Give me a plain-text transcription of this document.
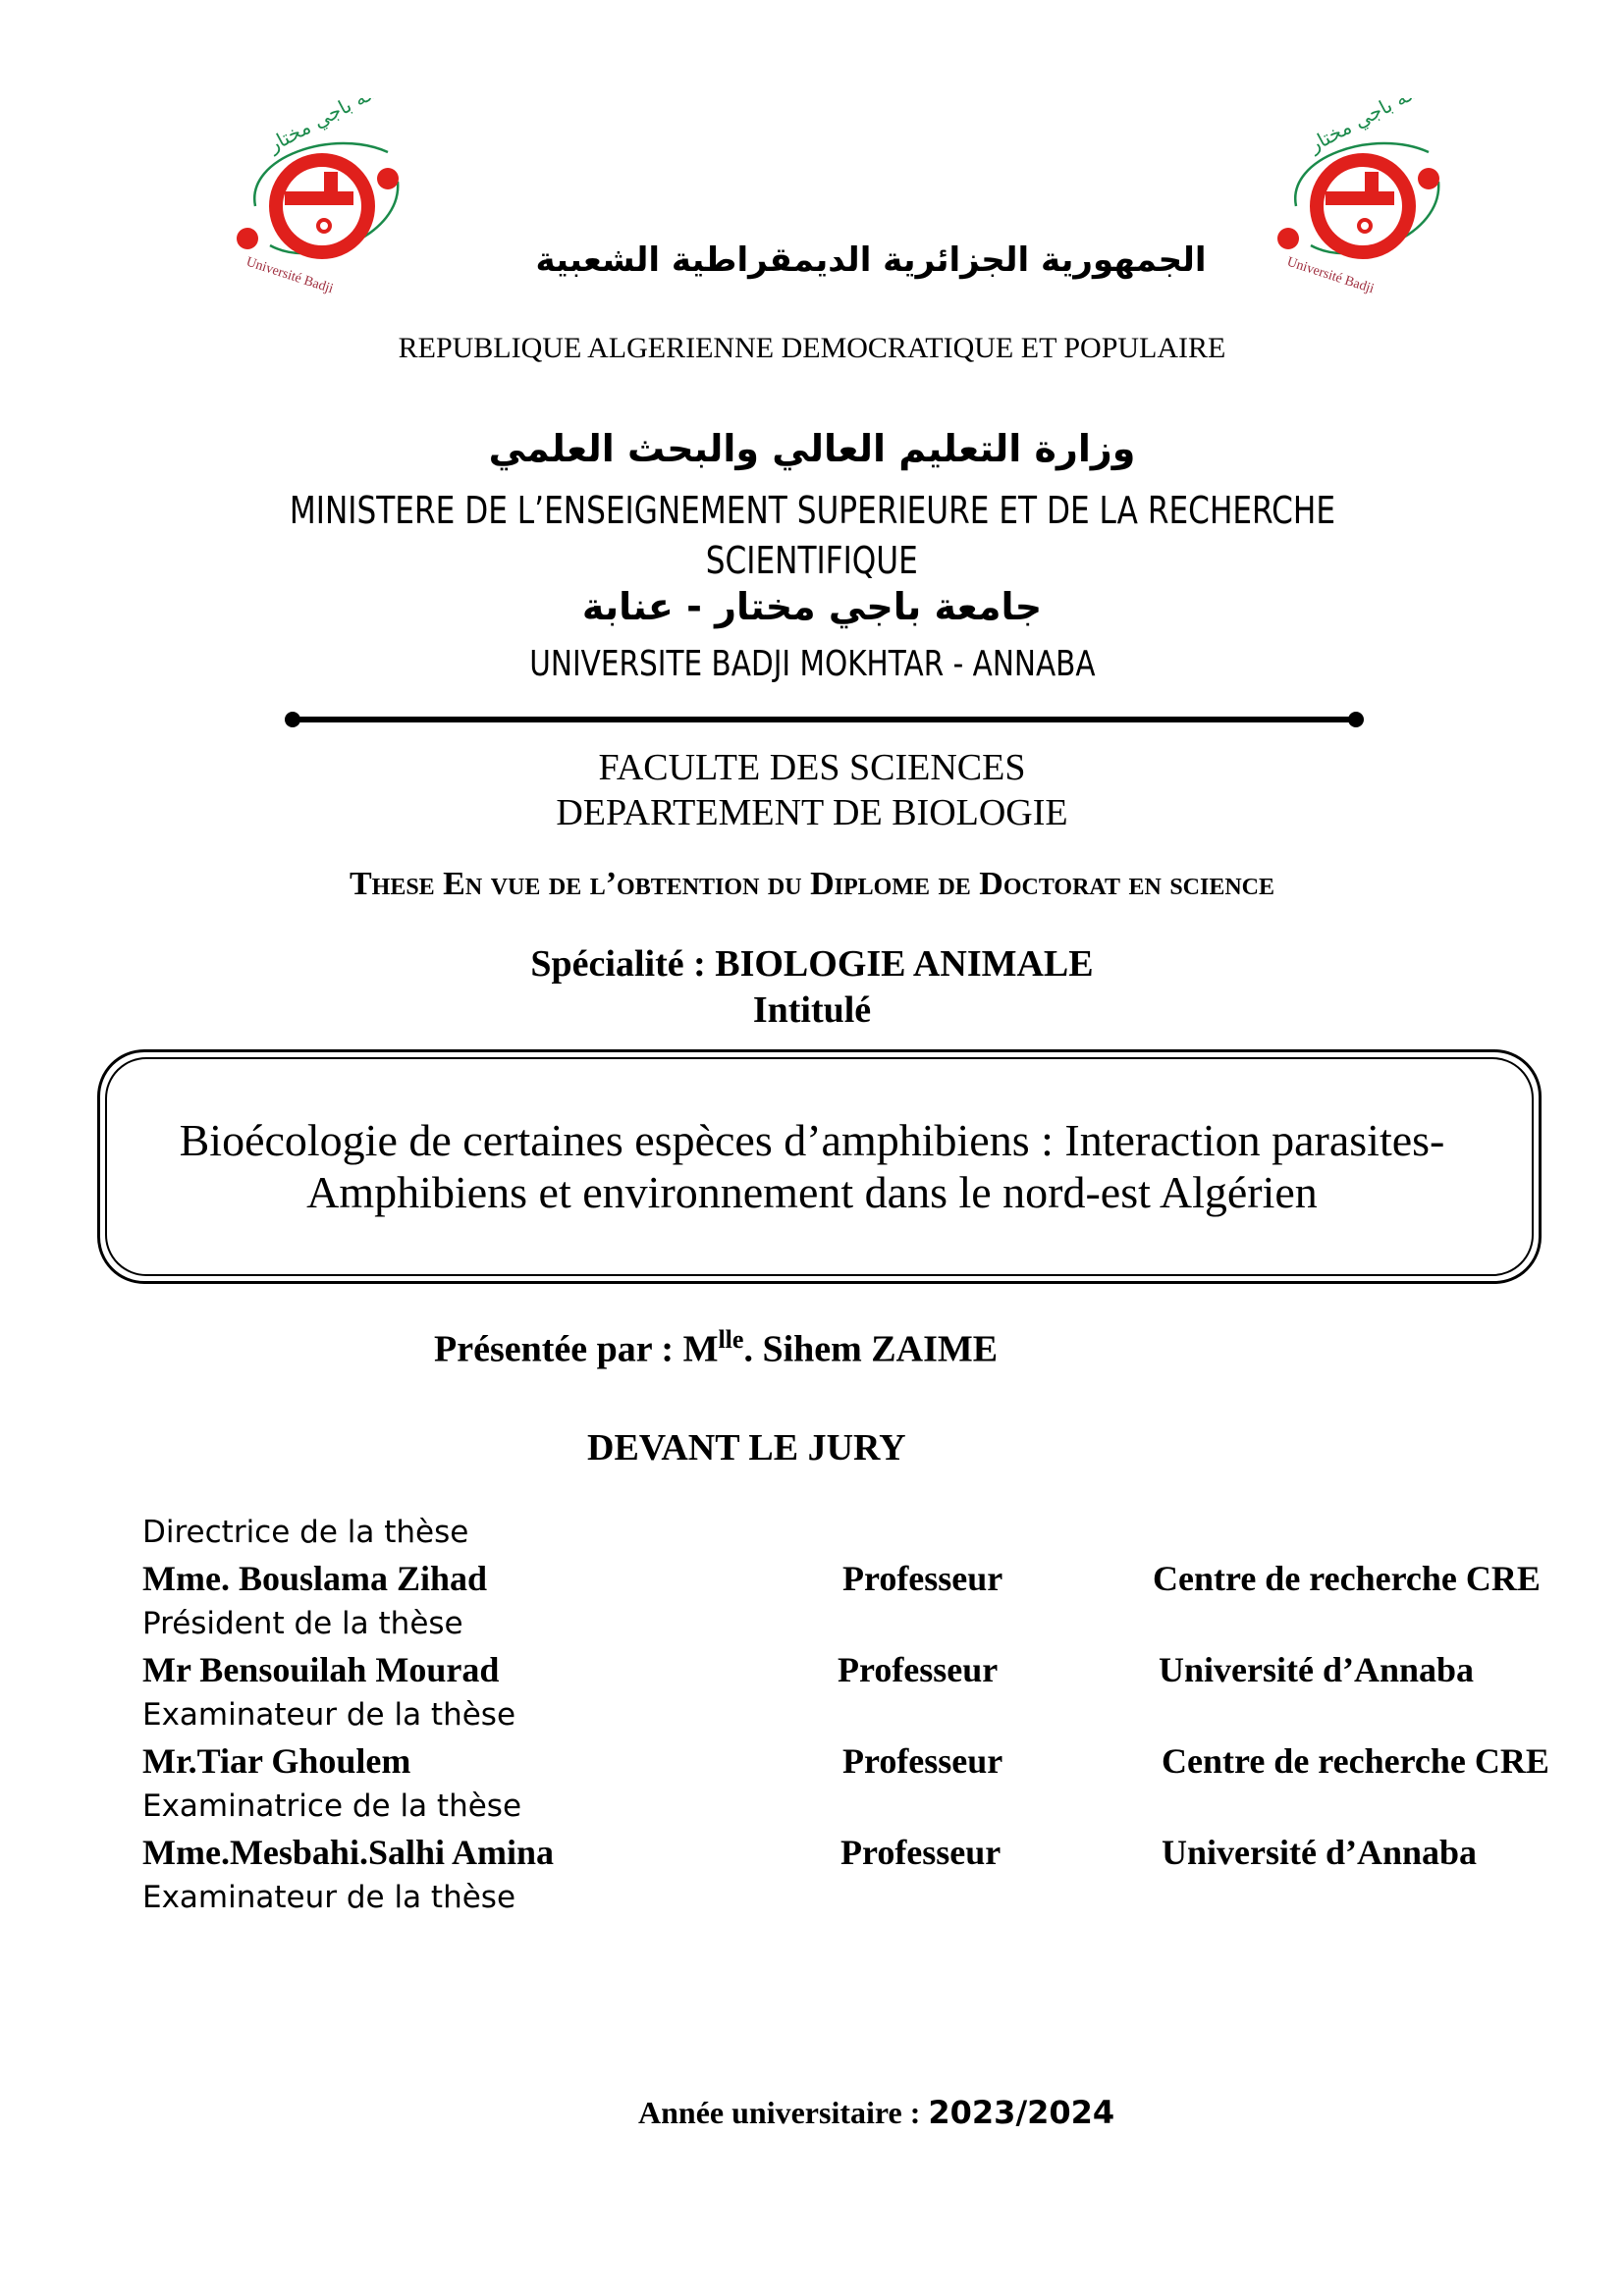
جامعة باجي مختار
Université Badji
جامعة باجي مختار
Université Badji
الجمهورية الجزائرية الديمقراطية الشعبية
REPUBLIQUE ALGERIENNE DEMOCRATIQUE ET POPULAIRE
وزارة التعليم العالي والبحث العلمي
MINISTERE DE L’ENSEIGNEMENT SUPERIEURE ET DE LA RECHERCHE
SCIENTIFIQUE
جامعة باجي مختار - عنابة
UNIVERSITE BADJI MOKHTAR - ANNABA
FACULTE DES SCIENCES
DEPARTEMENT DE BIOLOGIE
These En vue de l’obtention du Diplome de Doctorat en science
Spécialité : BIOLOGIE ANIMALE
Intitulé
Bioécologie de certaines espèces d’amphibiens : Interaction parasites-
Amphibiens et environnement dans le nord-est Algérien
Présentée par : $M^{lle}$. Sihem ZAIME
DEVANT LE JURY
Directrice de la thèse
Mme. Bouslama Zihad	Professeur	Centre de recherche CRE
Président de la thèse
Mr Bensouilah Mourad	Professeur	Université d’Annaba
Examinateur de la thèse
Mr.Tiar Ghoulem	Professeur	Centre de recherche CRE
Examinatrice de la thèse
Mme.Mesbahi.Salhi Amina	Professeur	Université d’Annaba
Examinateur de la thèse
Année universitaire : 2023/2024
